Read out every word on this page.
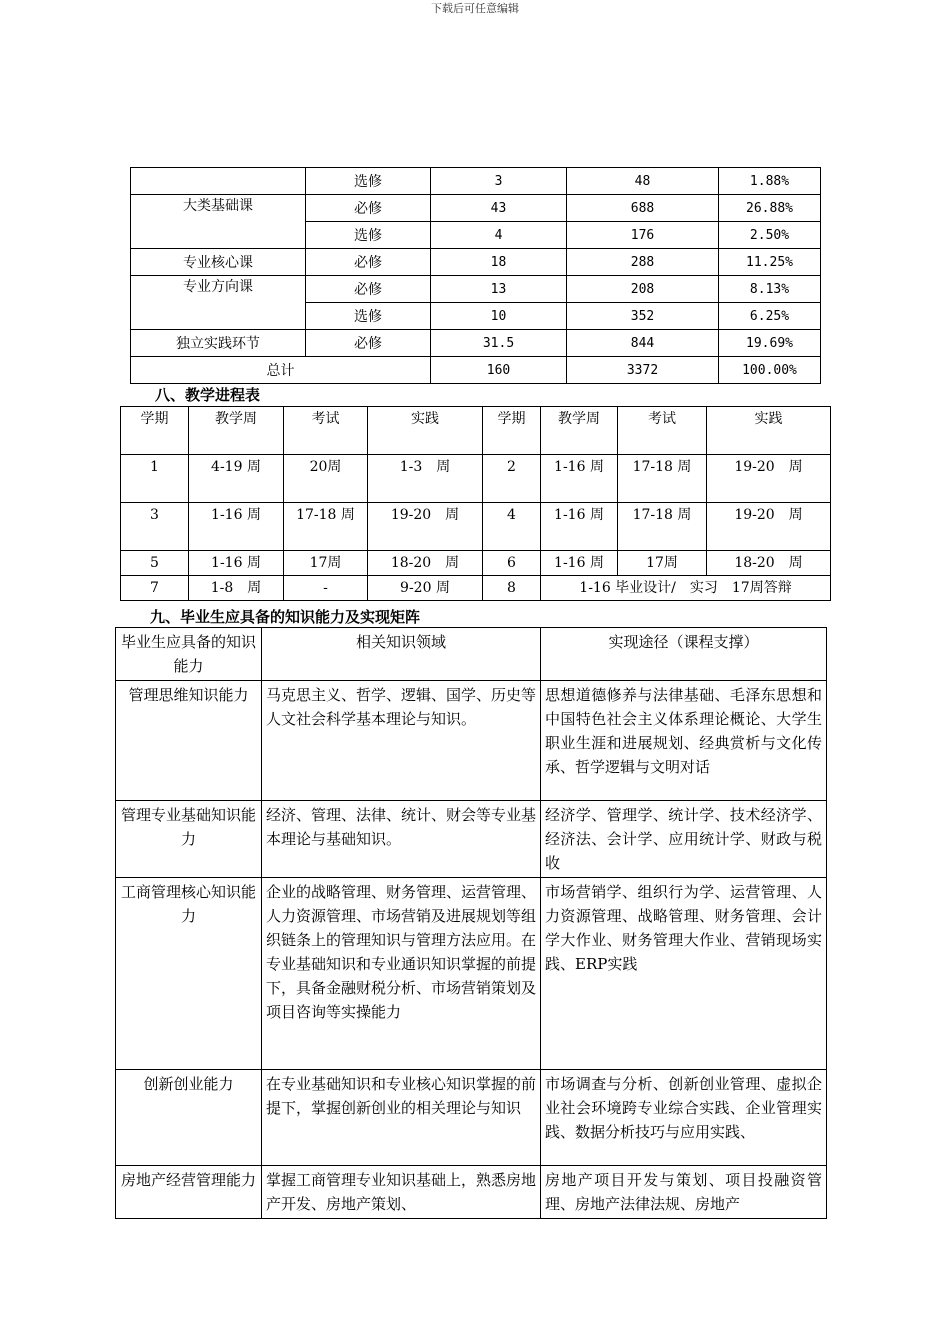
下载后可任意编辑
	选修	3	48	1.88%
大类基础课	必修	43	688	26.88%
	选修	4	176	2.50%
专业核心课	必修	18	288	11.25%
专业方向课	必修	13	208	8.13%
	选修	10	352	6.25%
独立实践环节	必修	31.5	844	19.69%
总计		160	3372	100.00%
八、教学进程表
学期	教学周	考试	实践	学期	教学周	考试	实践
1	4-19 周	20周	1-3　周	2	1-16 周	17-18 周	19-20　周
3	1-16 周	17-18 周	19-20　周	4	1-16 周	17-18 周	19-20　周
5	1-16 周	17周	18-20　周	6	1-16 周	17周	18-20　周
7	1-8　周	-	9-20 周	8	1-16 毕业设计/　实习　17周答辩		
九、毕业生应具备的知识能力及实现矩阵
毕业生应具备的知识能力	相关知识领域	实现途径（课程支撑）
管理思维知识能力	马克思主义、哲学、逻辑、国学、历史等人文社会科学基本理论与知识。	思想道德修养与法律基础、毛泽东思想和中国特色社会主义体系理论概论、大学生职业生涯和进展规划、经典赏析与文化传承、哲学逻辑与文明对话
管理专业基础知识能力	经济、管理、法律、统计、财会等专业基本理论与基础知识。	经济学、管理学、统计学、技术经济学、经济法、会计学、应用统计学、财政与税收
工商管理核心知识能力	企业的战略管理、财务管理、运营管理、人力资源管理、市场营销及进展规划等组织链条上的管理知识与管理方法应用。在专业基础知识和专业通识知识掌握的前提下，具备金融财税分析、市场营销策划及项目咨询等实操能力	市场营销学、组织行为学、运营管理、人力资源管理、战略管理、财务管理、会计学大作业、财务管理大作业、营销现场实践、ERP实践
创新创业能力	在专业基础知识和专业核心知识掌握的前提下，掌握创新创业的相关理论与知识	市场调查与分析、创新创业管理、虚拟企业社会环境跨专业综合实践、企业管理实践、数据分析技巧与应用实践、
房地产经营管理能力	掌握工商管理专业知识基础上，熟悉房地产开发、房地产策划、	房地产项目开发与策划、项目投融资管理、房地产法律法规、房地产
